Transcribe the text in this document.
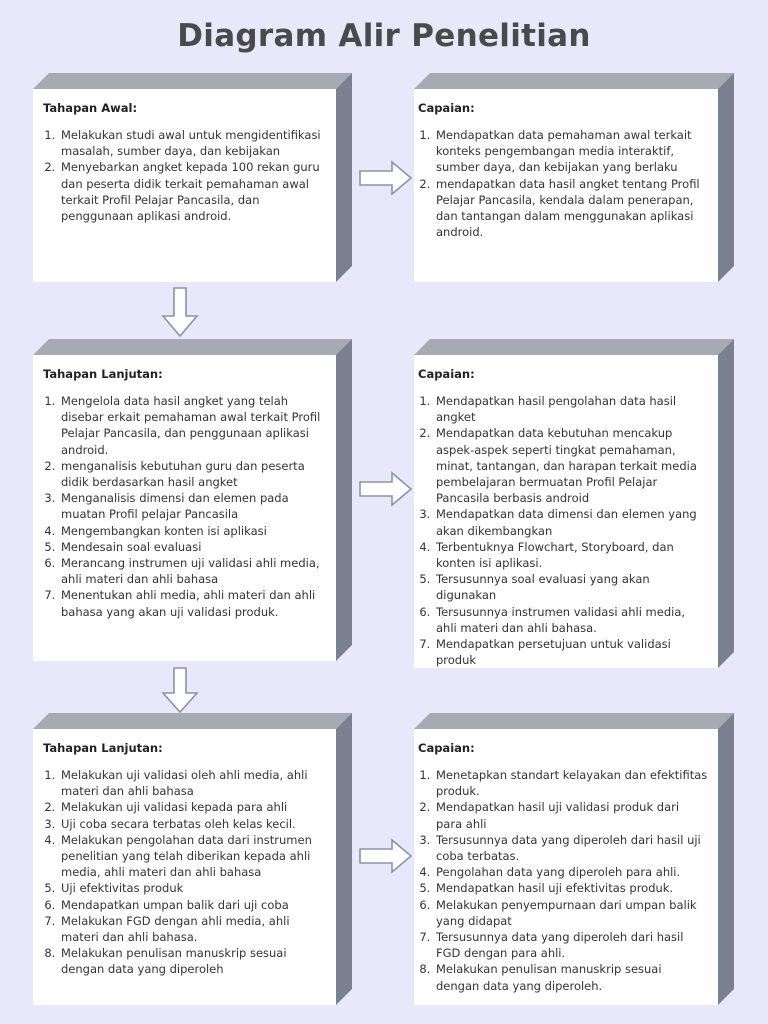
Diagram Alir Penelitian
Tahapan Awal:
1. Melakukan studi awal untuk mengidentifikasi masalah, sumber daya, dan kebijakan
2. Menyebarkan angket kepada 100 rekan guru dan peserta didik terkait pemahaman awal terkait Profil Pelajar Pancasila, dan penggunaan aplikasi android.
Capaian:
1. Mendapatkan data pemahaman awal terkait konteks pengembangan media interaktif, sumber daya, dan kebijakan yang berlaku
2. mendapatkan data hasil angket tentang Profil Pelajar Pancasila, kendala dalam penerapan, dan tantangan dalam menggunakan aplikasi android.
Tahapan Lanjutan:
1. Mengelola data hasil angket yang telah disebar erkait pemahaman awal terkait Profil Pelajar Pancasila, dan penggunaan aplikasi android.
2. menganalisis kebutuhan guru dan peserta didik berdasarkan hasil angket
3. Menganalisis dimensi dan elemen pada muatan Profil pelajar Pancasila
4. Mengembangkan konten isi aplikasi
5. Mendesain soal evaluasi
6. Merancang instrumen uji validasi ahli media, ahli materi dan ahli bahasa
7. Menentukan ahli media, ahli materi dan ahli bahasa yang akan uji validasi produk.
Capaian:
1. Mendapatkan hasil pengolahan data hasil angket
2. Mendapatkan data kebutuhan mencakup aspek-aspek seperti tingkat pemahaman, minat, tantangan, dan harapan terkait media pembelajaran bermuatan Profil Pelajar Pancasila berbasis android
3. Mendapatkan data dimensi dan elemen yang akan dikembangkan
4. Terbentuknya Flowchart, Storyboard, dan konten isi aplikasi.
5. Tersusunnya soal evaluasi yang akan digunakan
6. Tersusunnya instrumen validasi ahli media, ahli materi dan ahli bahasa.
7. Mendapatkan persetujuan untuk validasi produk
Tahapan Lanjutan:
1. Melakukan uji validasi oleh ahli media, ahli materi dan ahli bahasa
2. Melakukan uji validasi kepada para ahli
3. Uji coba secara terbatas oleh kelas kecil.
4. Melakukan pengolahan data dari instrumen penelitian yang telah diberikan kepada ahli media, ahli materi dan ahli bahasa
5. Uji efektivitas produk
6. Mendapatkan umpan balik dari uji coba
7. Melakukan FGD dengan ahli media, ahli materi dan ahli bahasa.
8. Melakukan penulisan manuskrip sesuai dengan data yang diperoleh
Capaian:
1. Menetapkan standart kelayakan dan efektifitas produk.
2. Mendapatkan hasil uji validasi produk dari para ahli
3. Tersusunnya data yang diperoleh dari hasil uji coba terbatas.
4. Pengolahan data yang diperoleh para ahli.
5. Mendapatkan hasil uji efektivitas produk.
6. Melakukan penyempurnaan dari umpan balik yang didapat
7. Tersusunnya data yang diperoleh dari hasil FGD dengan para ahli.
8. Melakukan penulisan manuskrip sesuai dengan data yang diperoleh.
